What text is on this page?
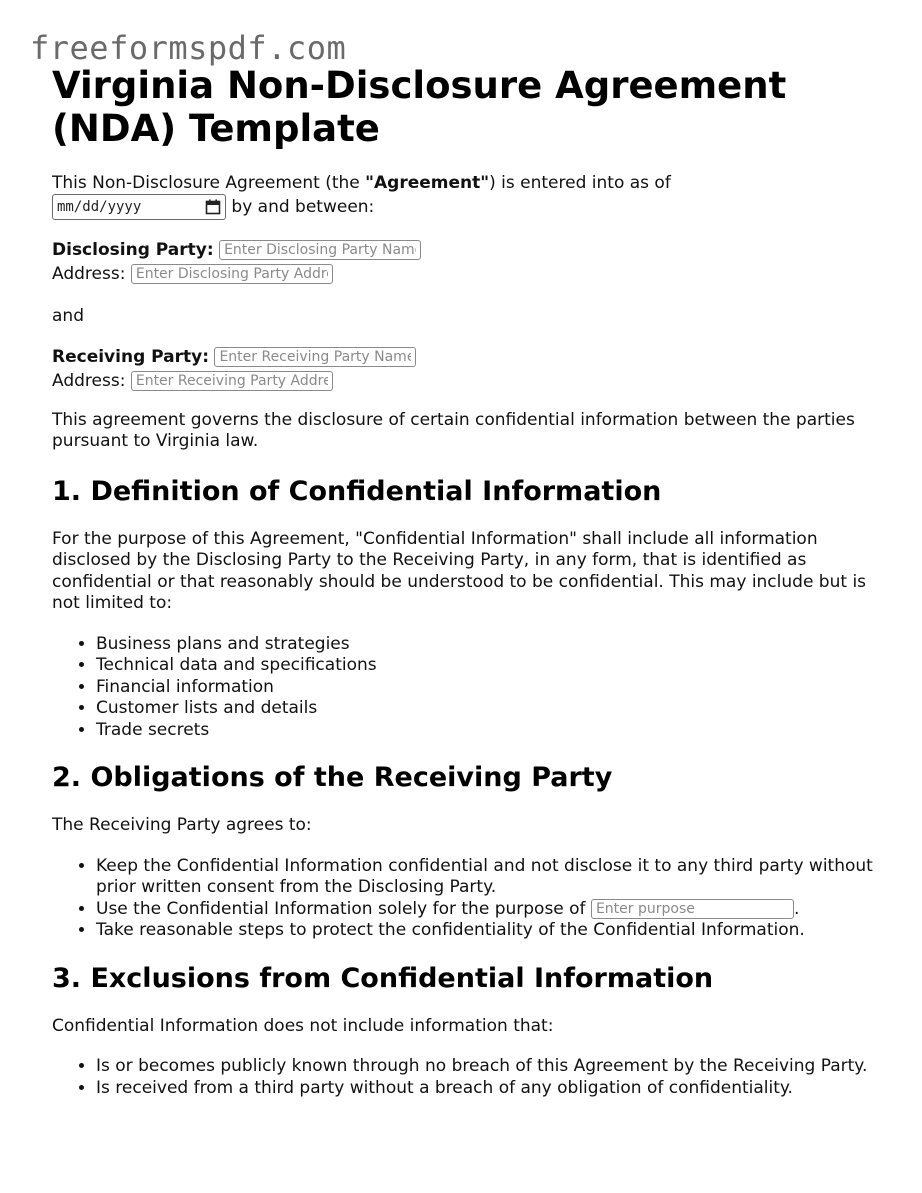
freeformspdf.com
Virginia Non-Disclosure Agreement (NDA) Template
This Non-Disclosure Agreement (the "Agreement") is entered into as of

mm/dd/yyyy	by and between:
Disclosing Party: Enter Disclosing Party Name
Address: Enter Disclosing Party Address

and

Receiving Party: Enter Receiving Party Name
Address: Enter Receiving Party Address

This agreement governs the disclosure of certain confidential information between the parties pursuant to Virginia law.

1. Definition of Confidential Information

For the purpose of this Agreement, "Confidential Information" shall include all information disclosed by the Disclosing Party to the Receiving Party, in any form, that is identified as confidential or that reasonably should be understood to be confidential. This may include but is not limited to:

• Business plans and strategies
• Technical data and specifications
• Financial information
• Customer lists and details
• Trade secrets
2. Obligations of the Receiving Party

The Receiving Party agrees to:

• Keep the Confidential Information confidential and not disclose it to any third party without prior written consent from the Disclosing Party.
• Use the Confidential Information solely for the purpose of Enter purpose	.
• Take reasonable steps to protect the confidentiality of the Confidential Information.
3. Exclusions from Confidential Information

Confidential Information does not include information that:

• Is or becomes publicly known through no breach of this Agreement by the Receiving Party.
• Is received from a third party without a breach of any obligation of confidentiality.
